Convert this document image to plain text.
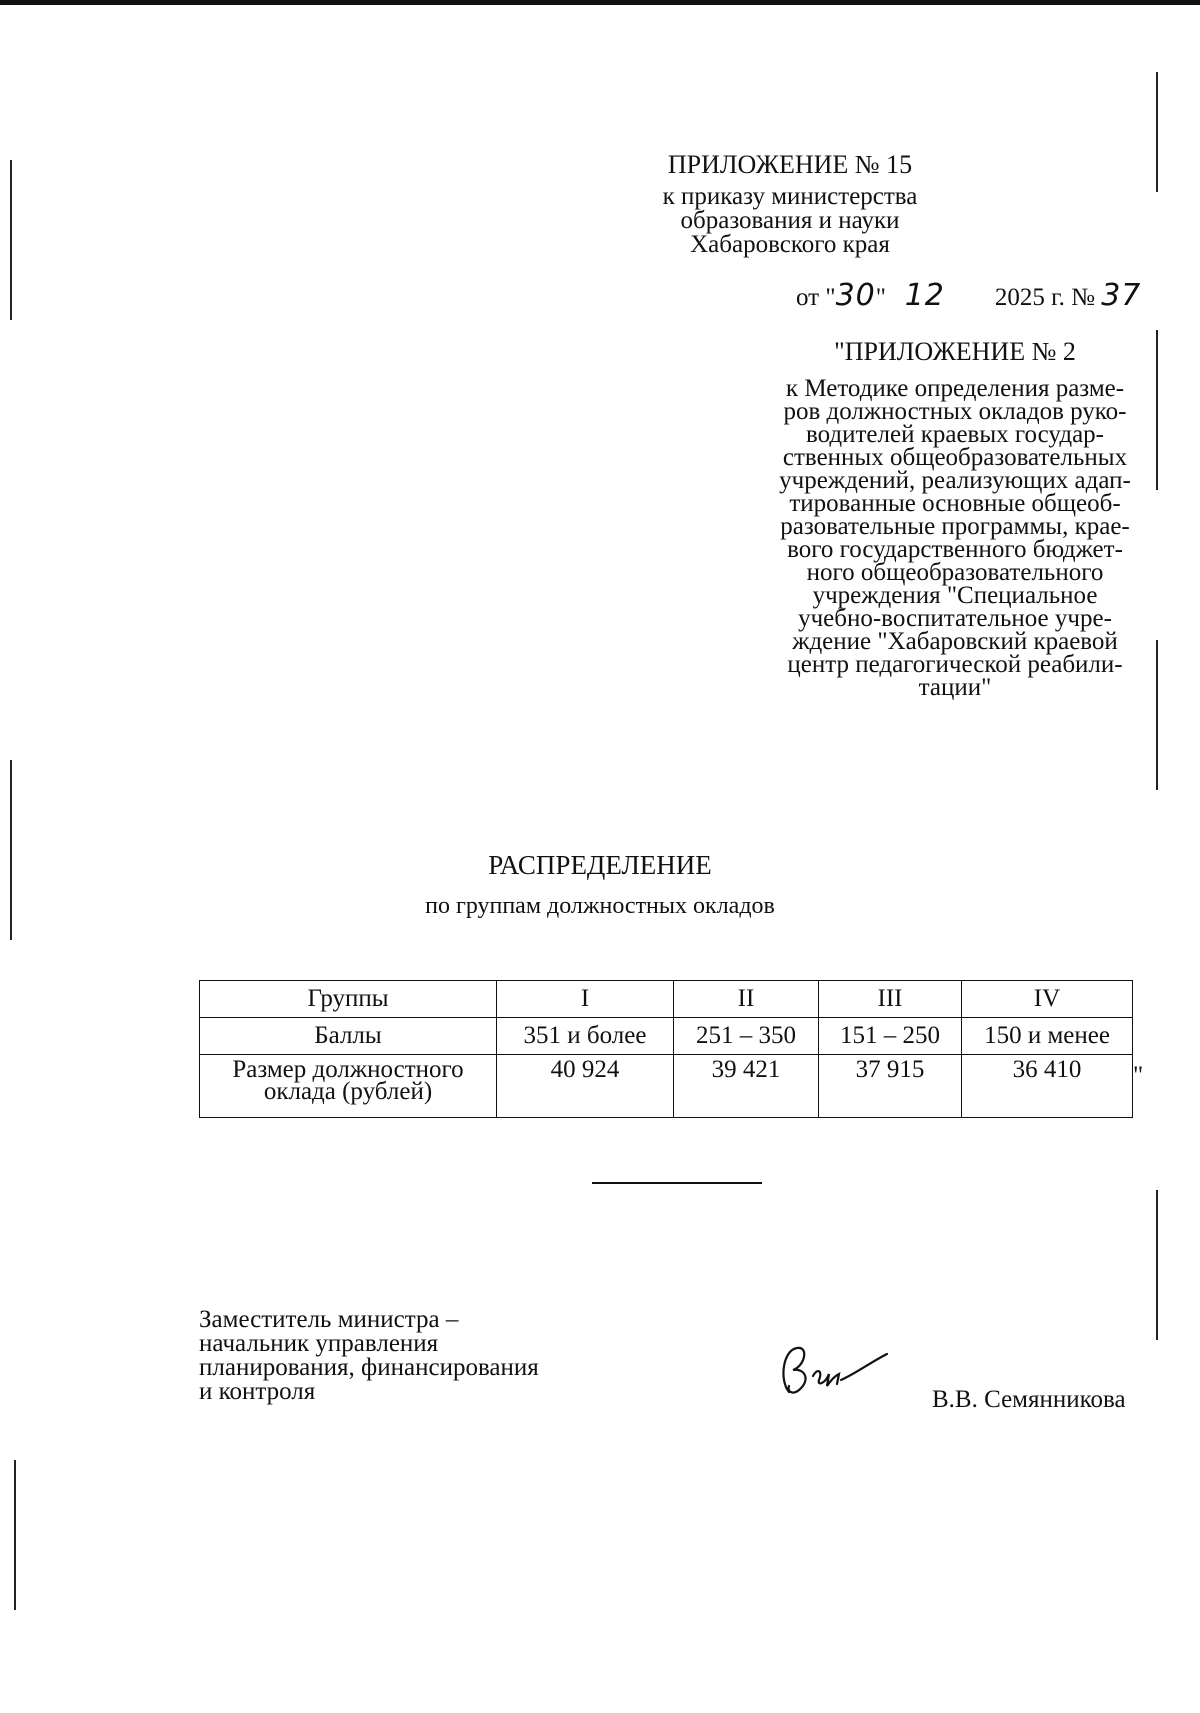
ПРИЛОЖЕНИЕ № 15
к приказу министерства
образования и науки
Хабаровского края
от "30" 12 2025 г. № 37
"ПРИЛОЖЕНИЕ № 2
к Методике определения разме-
ров должностных окладов руко-
водителей краевых государ-
ственных общеобразовательных
учреждений, реализующих адап-
тированные основные общеоб-
разовательные программы, крае-
вого государственного бюджет-
ного общеобразовательного
учреждения "Специальное
учебно-воспитательное учре-
ждение "Хабаровский краевой
центр педагогической реабили-
тации"
РАСПРЕДЕЛЕНИЕ
по группам должностных окладов
Группы	I	II	III	IV
Баллы	351 и более	251 – 350	151 – 250	150 и менее

Размер должностного
оклада (рублей)	40 924	39 421	37 915	36 410 "
Заместитель министра –
начальник управления
планирования, финансирования
и контроля	В.В. Семянникова
